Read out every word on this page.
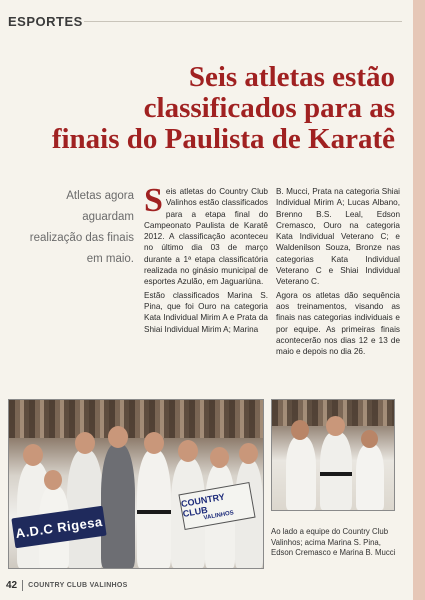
ESPORTES
Seis atletas estão
classificados para as
finais do Paulista de Karatê
Atletas agora
aguardam
realização das finais
em maio.

Seis atletas do Country Club Valinhos estão classificados para a etapa final do Campeonato Paulista de Karatê 2012. A classificação aconteceu no último dia 03 de março durante a 1ª etapa classificatória realizada no ginásio municipal de esportes Azulão, em Jaguariúna.

Estão classificados Marina S. Pina, que foi Ouro na categoria Kata Individual Mirim A e Prata da Shiai Individual Mirim A; Marina

B. Mucci, Prata na categoria Shiai Individual Mirim A; Lucas Albano, Brenno B.S. Leal, Edson Cremasco, Ouro na categoria Kata Individual Veterano C; e Waldenilson Souza, Bronze nas categorias Kata Individual Veterano C e Shiai Individual Veterano C.

Agora os atletas dão sequência aos treinamentos, visando as finais nas categorias individuais e por equipe. As primeiras finais acontecerão nos dias 12 e 13 de maio e depois no dia 26.

A.D.C Rigesa
COUNTRY CLUB
VALINHOS
Ao lado a equipe do Country Club Valinhos; acima Marina S. Pina, Edson Cremasco e Marina B. Mucci
42 COUNTRY CLUB VALINHOS
